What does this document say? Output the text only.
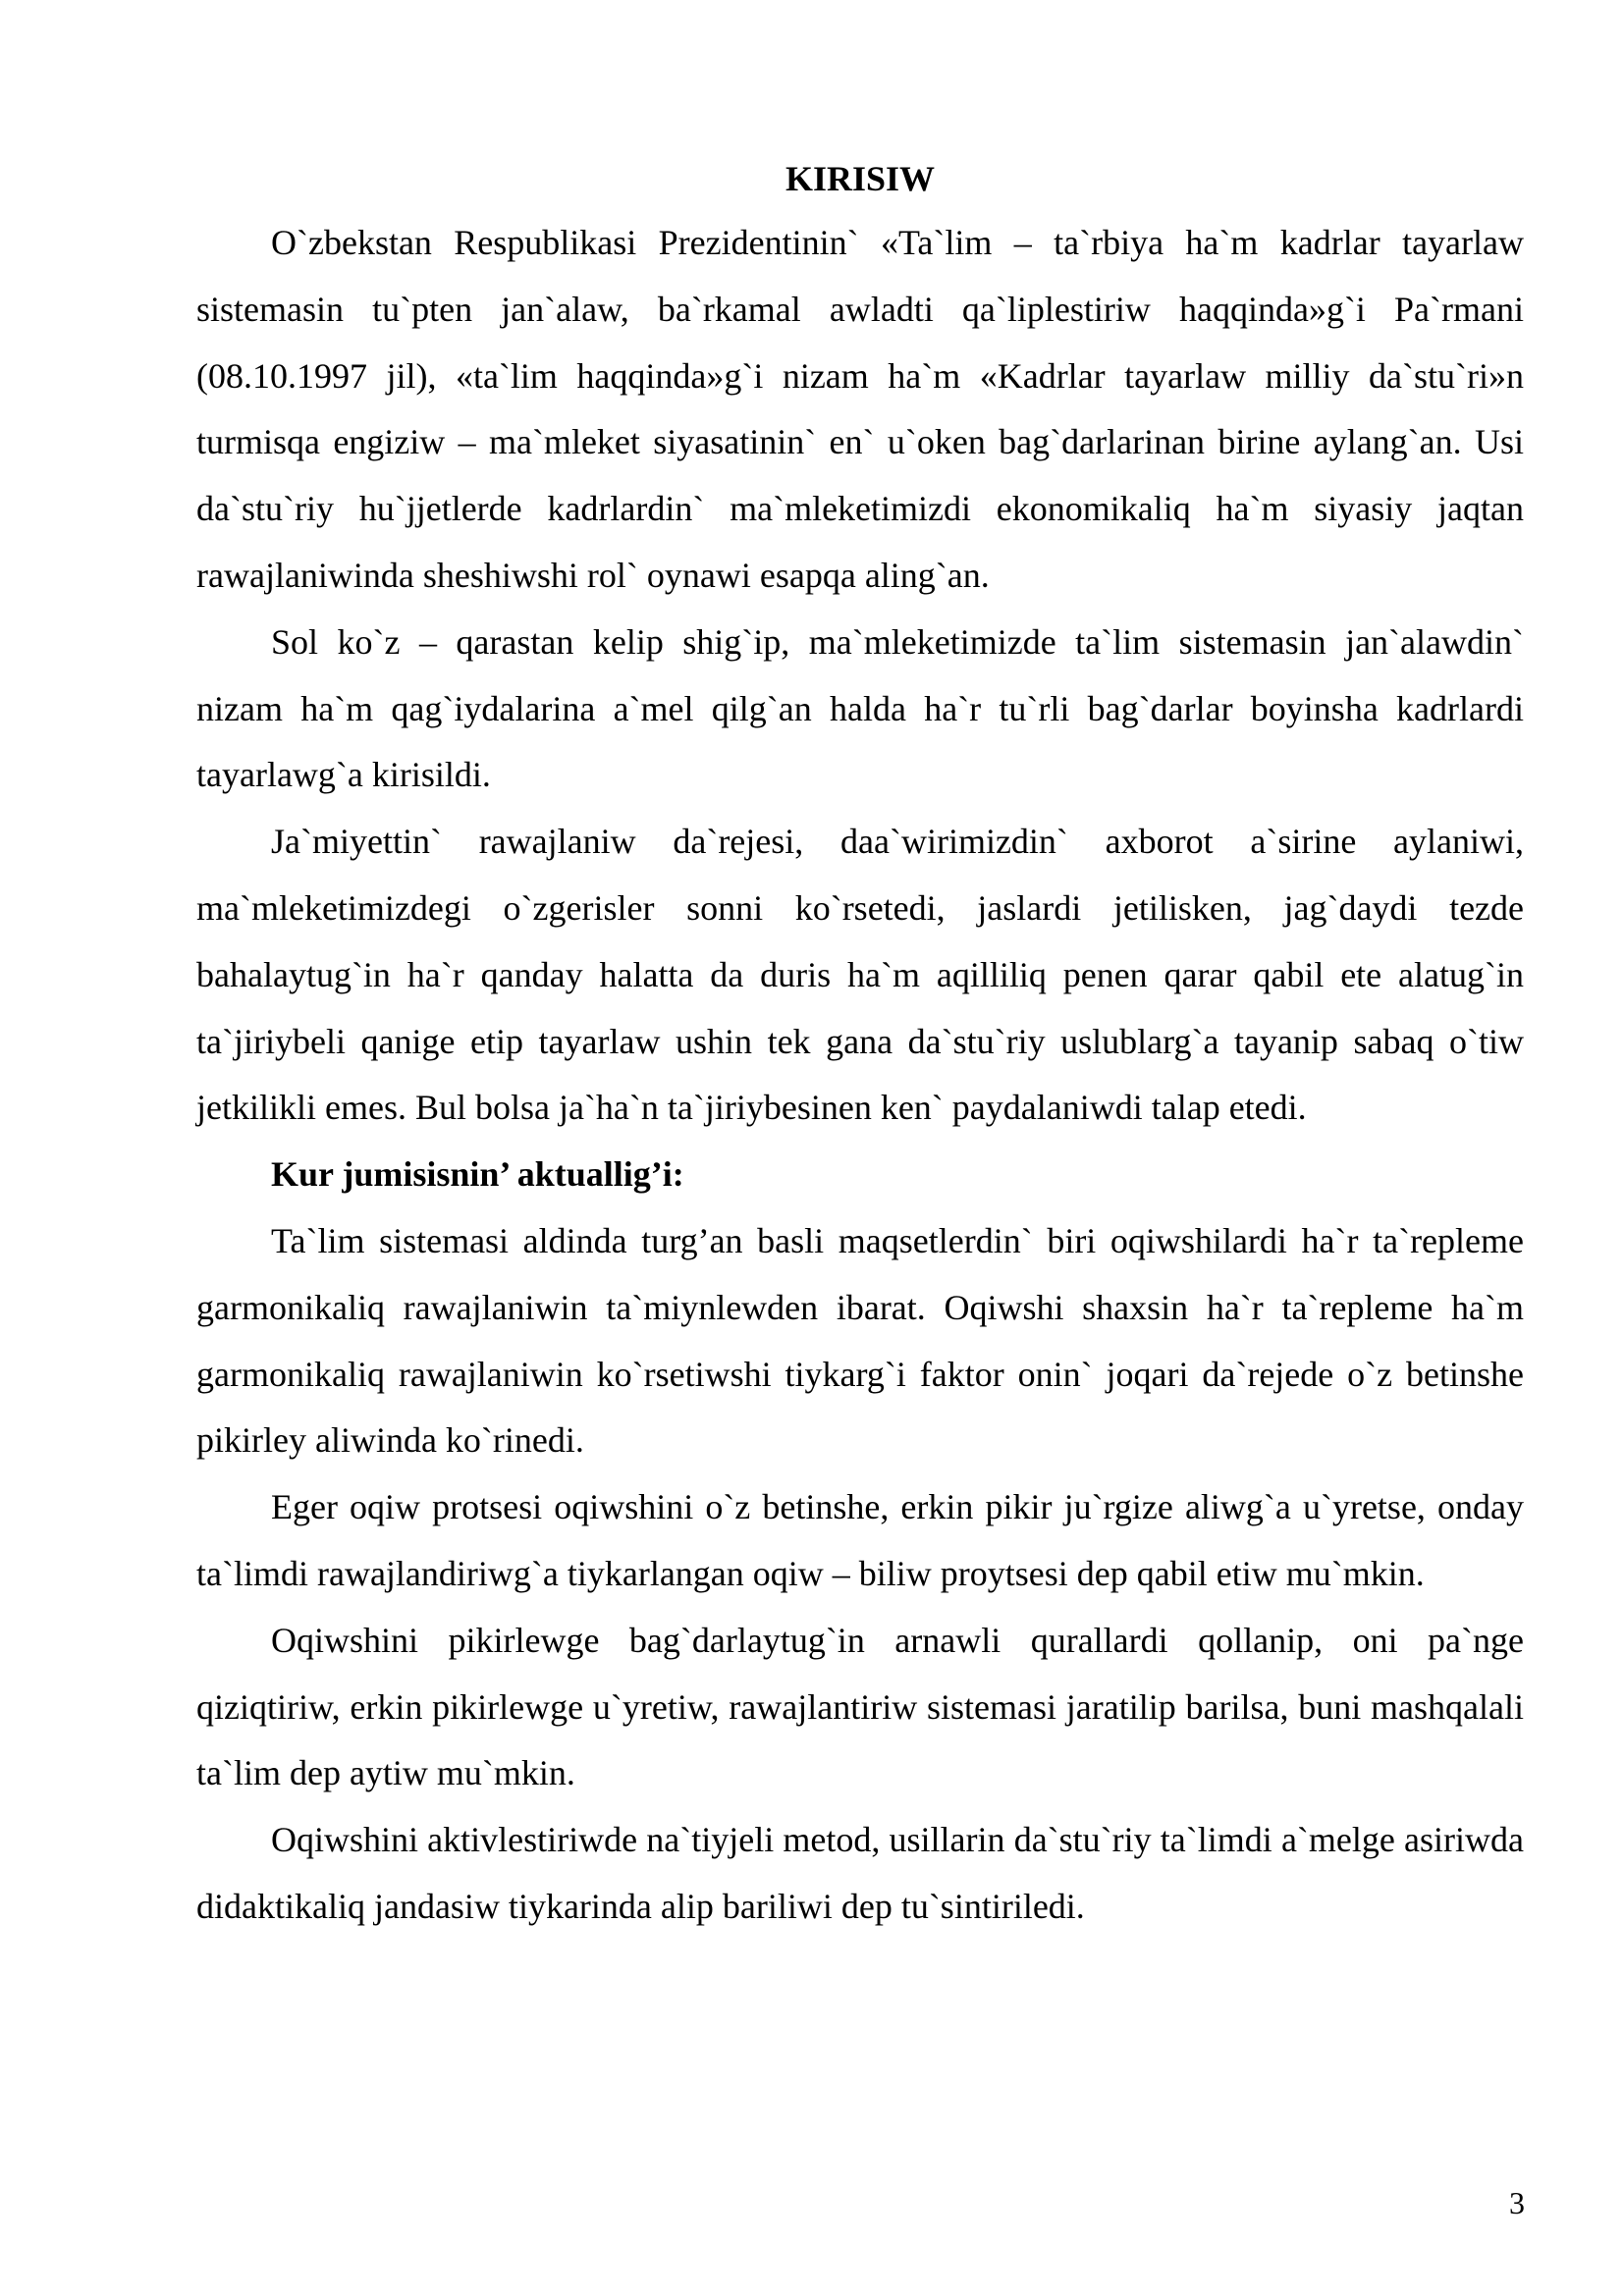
KIRISIW

O`zbekstan Respublikasi Prezidentinin` «Ta`lim – ta`rbiya ha`m kadrlar tayarlaw sistemasin tu`pten jan`alaw, ba`rkamal awladti qa`liplestiriw haqqinda»g`i Pa`rmani (08.10.1997 jil), «ta`lim haqqinda»g`i nizam ha`m «Kadrlar tayarlaw milliy da`stu`ri»n turmisqa engiziw – ma`mleket siyasatinin` en` u`oken bag`darlarinan birine aylang`an. Usi da`stu`riy hu`jjetlerde kadrlardin` ma`mleketimizdi ekonomikaliq ha`m siyasiy jaqtan rawajlaniwinda sheshiwshi rol` oynawi esapqa aling`an.

Sol ko`z – qarastan kelip shig`ip, ma`mleketimizde ta`lim sistemasin jan`alawdin` nizam ha`m qag`iydalarina a`mel qilg`an halda ha`r tu`rli bag`darlar boyinsha kadrlardi tayarlawg`a kirisildi.

Ja`miyettin` rawajlaniw da`rejesi, daa`wirimizdin` axborot a`sirine aylaniwi, ma`mleketimizdegi o`zgerisler sonni ko`rsetedi, jaslardi jetilisken, jag`daydi tezde bahalaytug`in ha`r qanday halatta da duris ha`m aqilliliq penen qarar qabil ete alatug`in ta`jiriybeli qanige etip tayarlaw ushin tek gana da`stu`riy uslublarg`a tayanip sabaq o`tiw jetkilikli emes. Bul bolsa ja`ha`n ta`jiriybesinen ken` paydalaniwdi talap etedi.

Kur jumisisnin’ aktuallig’i:

Ta`lim sistemasi aldinda turg’an basli maqsetlerdin` biri oqiwshilardi ha`r ta`repleme garmonikaliq rawajlaniwin ta`miynlewden ibarat. Oqiwshi shaxsin ha`r ta`repleme ha`m garmonikaliq rawajlaniwin ko`rsetiwshi tiykarg`i faktor onin` joqari da`rejede o`z betinshe pikirley aliwinda ko`rinedi.

Eger oqiw protsesi oqiwshini o`z betinshe, erkin pikir ju`rgize aliwg`a u`yretse, onday ta`limdi rawajlandiriwg`a tiykarlangan oqiw – biliw proytsesi dep qabil etiw mu`mkin.

Oqiwshini pikirlewge bag`darlaytug`in arnawli qurallardi qollanip, oni pa`nge qiziqtiriw, erkin pikirlewge u`yretiw, rawajlantiriw sistemasi jaratilip barilsa, buni mashqalali ta`lim dep aytiw mu`mkin.

Oqiwshini aktivlestiriwde na`tiyjeli metod, usillarin da`stu`riy ta`limdi a`melge asiriwda didaktikaliq jandasiw tiykarinda alip bariliwi dep tu`sintiriledi.

3
